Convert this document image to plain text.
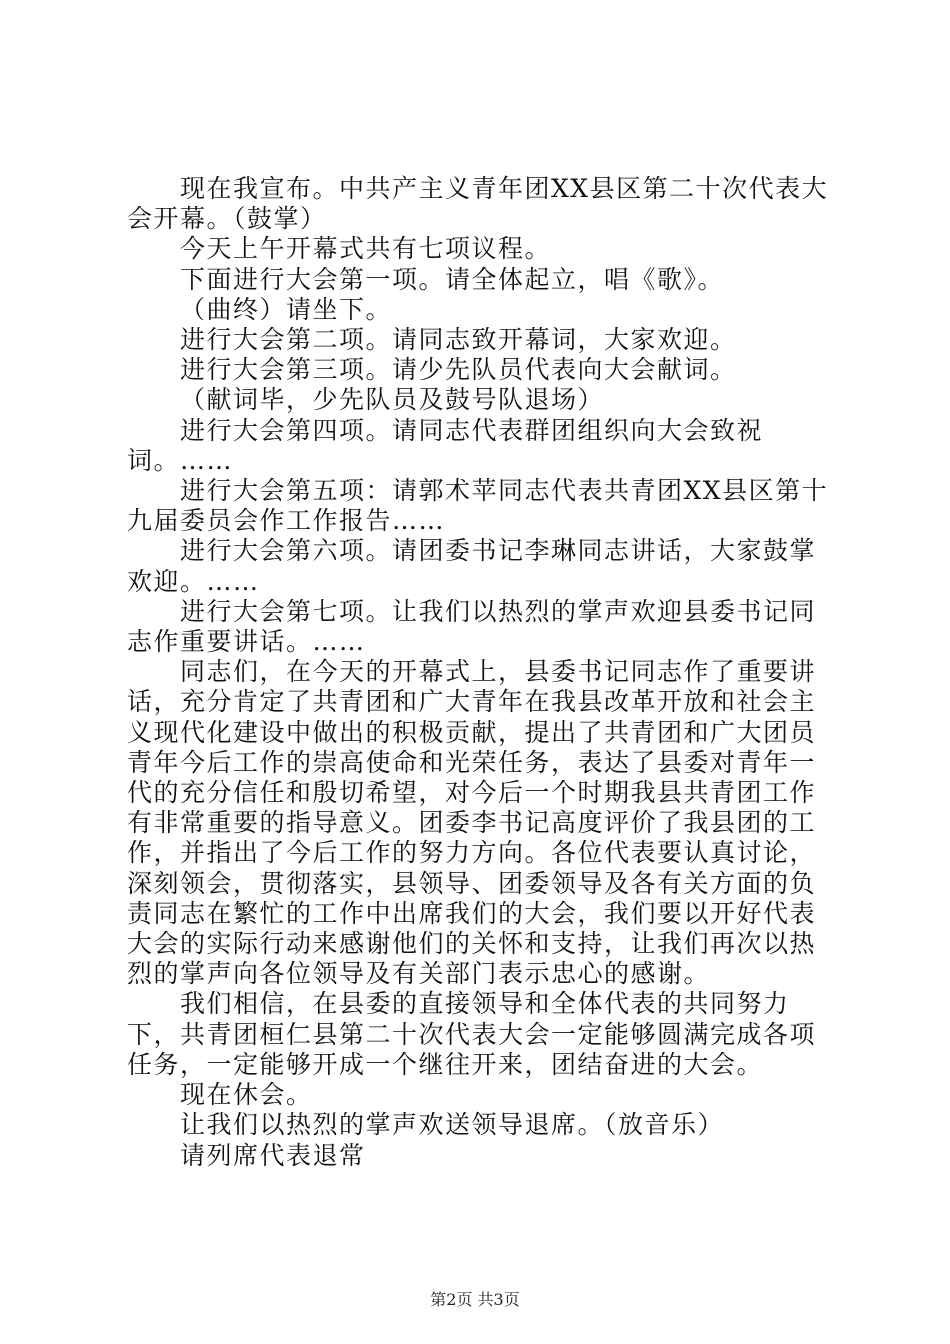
现在我宣布。中共产主义青年团XX县区第二十次代表大会开幕。（鼓掌）

今天上午开幕式共有七项议程。

下面进行大会第一项。请全体起立，唱《歌》。

（曲终）请坐下。

进行大会第二项。请同志致开幕词，大家欢迎。

进行大会第三项。请少先队员代表向大会献词。

（献词毕，少先队员及鼓号队退场）

进行大会第四项。请同志代表群团组织向大会致祝词。……

进行大会第五项：请郭术苹同志代表共青团XX县区第十九届委员会作工作报告……

进行大会第六项。请团委书记李琳同志讲话，大家鼓掌欢迎。……

进行大会第七项。让我们以热烈的掌声欢迎县委书记同志作重要讲话。……

同志们，在今天的开幕式上，县委书记同志作了重要讲话，充分肯定了共青团和广大青年在我县改革开放和社会主义现代化建设中做出的积极贡献，提出了共青团和广大团员青年今后工作的崇高使命和光荣任务，表达了县委对青年一代的充分信任和殷切希望，对今后一个时期我县共青团工作有非常重要的指导意义。团委李书记高度评价了我县团的工作，并指出了今后工作的努力方向。各位代表要认真讨论，深刻领会，贯彻落实，县领导、团委领导及各有关方面的负责同志在繁忙的工作中出席我们的大会，我们要以开好代表大会的实际行动来感谢他们的关怀和支持，让我们再次以热烈的掌声向各位领导及有关部门表示忠心的感谢。

我们相信，在县委的直接领导和全体代表的共同努力下，共青团桓仁县第二十次代表大会一定能够圆满完成各项任务，一定能够开成一个继往开来，团结奋进的大会。

现在休会。

让我们以热烈的掌声欢送领导退席。（放音乐）

请列席代表退常

第2页 共3页
